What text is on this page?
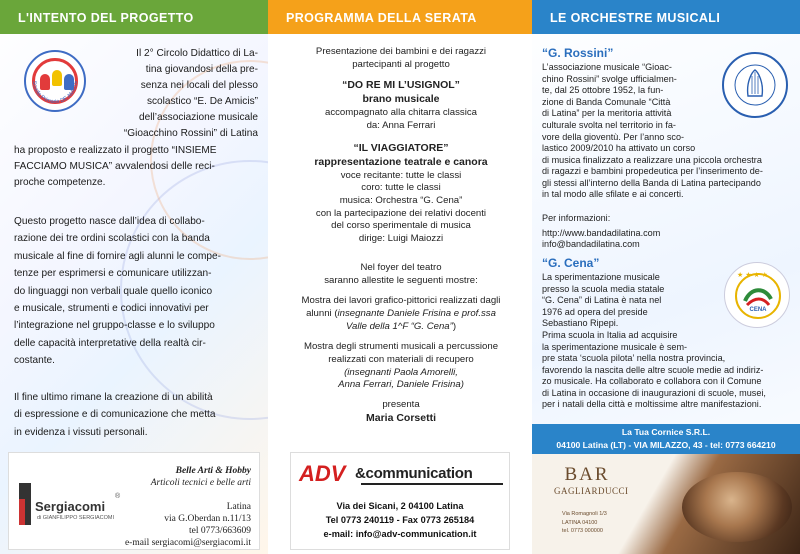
L'INTENTO DEL PROGETTO
Scuola Primaria DE AMICIS
Il 2° Circolo Didattico di La-
tina giovandosi della pre-
senza nei locali del plesso
scolastico “E. De Amicis”
dell’associazione musicale
“Gioacchino Rossini” di Latina
ha proposto e realizzato il progetto “INSIEME
FACCIAMO MUSICA” avvalendosi delle reci-
proche competenze.
Questo progetto nasce dall’idea di collabo-
razione dei tre ordini scolastici con la banda
musicale al fine di fornire agli alunni le compe-
tenze per esprimersi e comunicare utilizzan-
do linguaggi non verbali quale quello iconico
e musicale, strumenti e codici innovativi per
l’integrazione nel gruppo-classe e lo sviluppo
delle capacità interpretative della realtà cir-
costante.
Il fine ultimo rimane la creazione di un abilità
di espressione e di comunicazione che metta
in evidenza i vissuti personali.
Sergiacomi
di GIANFILIPPO SERGIACOMI
®
Belle Arti & Hobby
Articoli tecnici e belle arti
Latina
via G.Oberdan n.11/13
tel 0773/663609
e-mail sergiacomi@sergiacomi.it
PROGRAMMA DELLA SERATA
Presentazione dei bambini e dei ragazzi
partecipanti al progetto
“DO RE MI L’USIGNOL”
brano musicale
accompagnato alla chitarra classica
da: Anna Ferrari
“IL VIAGGIATORE”
rappresentazione teatrale e canora
voce recitante: tutte le classi
coro: tutte le classi
musica: Orchestra “G. Cena”
con la partecipazione dei relativi docenti
del corso sperimentale di musica
dirige: Luigi Maiozzi
Nel foyer del teatro
saranno allestite le seguenti mostre:
Mostra dei lavori grafico-pittorici realizzati dagli
alunni (insegnante Daniele Frisina e prof.ssa
Valle della 1^F “G. Cena”)
Mostra degli strumenti musicali a percussione
realizzati con materiali di recupero
(insegnanti Paola Amorelli,
Anna Ferrari, Daniele Frisina)
presenta
Maria Corsetti
ADV &communication
Via dei Sicani, 2 04100 Latina
Tel 0773 240119 - Fax 0773 265184
e-mail: info@adv-communication.it
LE ORCHESTRE MUSICALI
“G. Rossini”
L’associazione musicale “Gioac-
chino Rossini” svolge ufficialmen-
te, dal 25 ottobre 1952, la fun-
zione di Banda Comunale “Città
di Latina” per la meritoria attività
culturale svolta nel territorio in fa-
vore della gioventù. Per l’anno sco-
lastico 2009/2010 ha attivato un corso
di musica finalizzato a realizzare una piccola orchestra
di ragazzi e bambini propedeutica per l’inserimento de-
gli stessi all’interno della Banda di Latina partecipando
in tal modo alle sfilate e ai concerti.
Per informazioni:
http://www.bandadilatina.com
info@bandadilatina.com
“G. Cena”
La sperimentazione musicale
presso la scuola media statale
“G. Cena” di Latina è nata nel
1976 ad opera del preside
Sebastiano Ripepi.
Prima scuola in Italia ad acquisire
la sperimentazione musicale è sem-
★ ★ ★ ★
CENA
pre stata ‘scuola pilota’ nella nostra provincia,
favorendo la nascita delle altre scuole medie ad indiriz-
zo musicale. Ha collaborato e collabora con il Comune
di Latina in occasione di inaugurazioni di scuole, musei,
per i natali della città e moltissime altre manifestazioni.
La Tua Cornice S.R.L.
04100 Latina (LT) - VIA MILAZZO, 43 - tel: 0773 664210
BAR
GAGLIARDUCCI
Via Romagnoli 1/3
LATINA 04100
tel. 0773 000000
